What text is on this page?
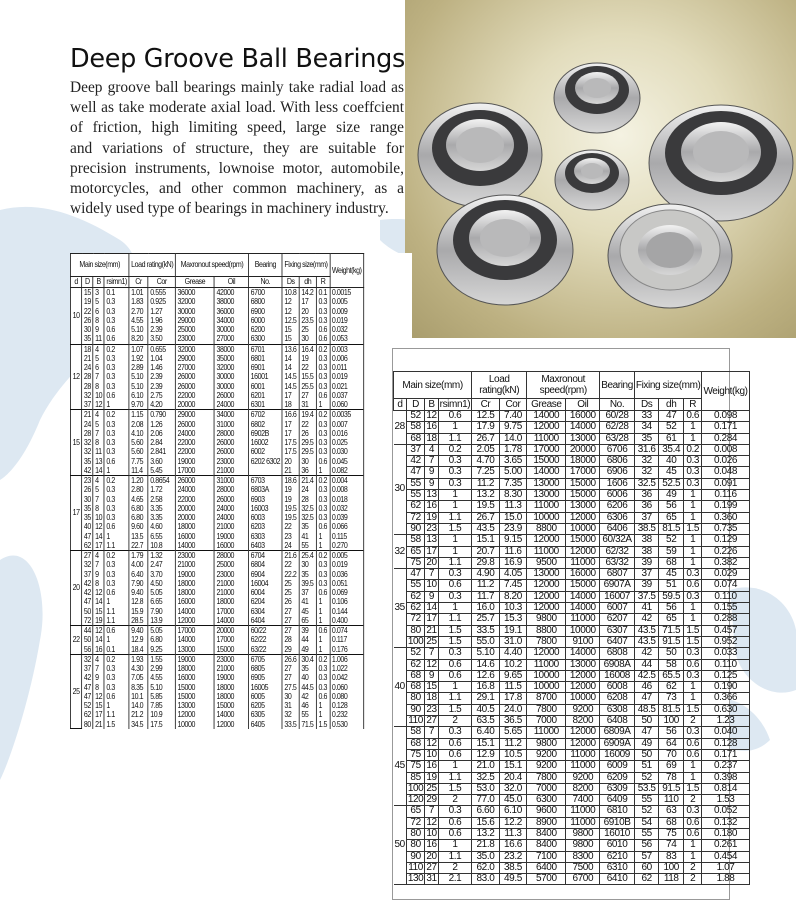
Deep Groove Ball Bearings
Deep groove ball bearings mainly take radial load as
well as take moderate axial load. With less coeffcient
of friction, high limiting speed, large size range
and variations of structure, they are suitable for
precision instruments, lownoise motor, automobile,
motorcycles, and other common machinery, as a
widely used type of bearings in machinery industry.
Main size(mm)				Load rating(kN)		Maxronout speed(rpm)		Bearing	Fixing size(mm)			Weight(kg)
d	D	B	rsimn1)	Cr	Cor	Grease	Oil	No.	Ds	dh	R	
10	15	3	0.1	1.01	0.555	36000	42000	6700	10.8	14.2	0.1	0.0015
	19	5	0.3	1.83	0.925	32000	38000	6800	12	17	0.3	0.005
	22	6	0.3	2.70	1.27	30000	36000	6900	12	20	0.3	0.009
	26	8	0.3	4.55	1.96	29000	34000	6000	12.5	23.5	0.3	0.019
	30	9	0.6	5.10	2.39	25000	30000	6200	15	25	0.6	0.032
	35	11	0.6	8.20	3.50	23000	27000	6300	15	30	0.6	0.053
12	18	4	0.2	1.07	0.655	32000	38000	6701	13.6	16.4	0.2	0.003
	21	5	0.3	1.92	1.04	29000	35000	6801	14	19	0.3	0.006
	24	6	0.3	2.89	1.46	27000	32000	6901	14	22	0.3	0.011
	28	7	0.3	5.10	2.39	26000	30000	16001	14.5	15.5	0.3	0.019
	28	8	0.3	5.10	2.39	26000	30000	6001	14.5	25.5	0.3	0.021
	32	10	0.6	6.10	2.75	22000	26000	6201	17	27	0.6	0.037
	37	12	1	9.70	4.20	20000	24000	6301	18	31	1	0.060
15	21	4	0.2	1.15	0.790	29000	34000	6702	16.6	19.4	0.2	0.0035
	24	5	0.3	2.08	1.26	26000	31000	6802	17	22	0.3	0.007
	28	7	0.3	4.10	2.06	24000	28000	6902B	17	26	0.3	0.016
	32	8	0.3	5.60	2.84	22000	26000	16002	17.5	29.5	0.3	0.025
	32	11	0.3	5.60	2.841	22000	26000	6002	17.5	29.5	0.3	0.030
	35	13	0.6	7.75	3.60	19000	23000	6202 6302	20	30	0.6	0.045
	42	14	1	11.4	5.45	17000	21000		21	36	1	0.082
17	23	4	0.2	1.20	0.8654	26000	31000	6703	18.6	21.4	0.2	0.004
	26	5	0.3	2.80	1.72	24000	28000	6803A	19	24	0.3	0.008
	30	7	0.3	4.65	2.58	22000	26000	6903	19	28	0.3	0.018
	35	8	0.3	6.80	3.35	20000	24000	16003	19.5	32.5	0.3	0.032
	35	10	0.3	6.80	3.35	20000	24000	6003	19.5	32.5	0.3	0.039
	40	12	0.6	9.60	4.60	18000	21000	6203	22	35	0.6	0.066
	47	14	1	13.5	6.55	16000	19000	6303	23	41	1	0.115
	62	17	1.1	22.7	10.8	14000	16000	6403	24	55	1	0.270
20	27	4	0.2	1.79	1.32	23000	28000	6704	21.6	25.4	0.2	0.005
	32	7	0.3	4.00	2.47	21000	25000	6804	22	30	0.3	0.019
	37	9	0.3	6.40	3.70	19000	23000	6904	22.2	35	0.3	0.036
	42	8	0.3	7.90	4.50	18000	21000	16004	25	39.5	0.3	0.051
	42	12	0.6	9.40	5.05	18000	21000	6004	25	37	0.6	0.069
	47	14	1	12.8	6.65	16000	18000	6204	26	41	1	0.106
	50	15	1.1	15.9	7.90	14000	17000	6304	27	45	1	0.144
	72	19	1.1	28.5	13.9	12000	14000	6404	27	65	1	0.400
22	44	12	0.6	9.40	5.05	17000	20000	60/22	27	39	0.6	0.074
	50	14	1	12.9	6.80	14000	17000	62/22	28	44	1	0.117
	56	16	0.1	18.4	9.25	13000	15000	63/22	29	49	1	0.176
25	32	4	0.2	1.93	1.55	19000	23000	6705	26.6	30.4	0.2	1.006
	37	7	0.3	4.30	2.99	18000	21000	6805	27	35	0.3	1.022
	42	9	0.3	7.05	4.55	16000	19000	6905	27	40	0.3	0.042
	47	8	0.3	8.35	5.10	15000	18000	16005	27.5	44.5	0.3	0.060
	47	12	0.6	10.1	5.85	15000	18000	6005	30	42	0.6	0.080
	52	15	1	14.0	7.85	13000	15000	6205	31	46	1	0.128
	62	17	1.1	21.2	10.9	12000	14000	6305	32	55	1	0.232
	80	21	1.5	34.5	17.5	10000	12000	6405	33.5	71.5	1.5	0.530
Main size(mm)				Load rating(kN)		Maxronout speed(rpm)		Bearing	Fixing size(mm)			Weight(kg)
d	D	B	rsimn1)	Cr	Cor	Grease	Oil	No.	Ds	dh	R	
28	52	12	0.6	12.5	7.40	14000	16000	60/28	33	47	0.6	0.098
	58	16	1	17.9	9.75	12000	14000	62/28	34	52	1	0.171
	68	18	1.1	26.7	14.0	11000	13000	63/28	35	61	1	0.284
30	37	4	0.2	2.05	1.78	17000	20000	6706	31.6	35.4	0.2	0.008
	42	7	0.3	4.70	3.65	15000	18000	6806	32	40	0.3	0.026
	47	9	0.3	7.25	5.00	14000	17000	6906	32	45	0.3	0.048
	55	9	0.3	11.2	7.35	13000	15000	1606	32.5	52.5	0.3	0.091
	55	13	1	13.2	8.30	13000	15000	6006	36	49	1	0.116
	62	16	1	19.5	11.3	11000	13000	6206	36	56	1	0.199
	72	19	1.1	26.7	15.0	10000	12000	6306	37	65	1	0.360
	90	23	1.5	43.5	23.9	8800	10000	6406	38.5	81.5	1.5	0.735
32	58	13	1	15.1	9.15	12000	15000	60/32A	38	52	1	0.129
	65	17	1	20.7	11.6	11000	12000	62/32	38	59	1	0.226
	75	20	1.1	29.8	16.9	9500	11000	63/32	39	68	1	0.382
35	47	7	0.3	4.90	4.05	13000	16000	6807	37	45	0.3	0.029
	55	10	0.6	11.2	7.45	12000	15000	6907A	39	51	0.6	0.074
	62	9	0.3	11.7	8.20	12000	14000	16007	37.5	59.5	0.3	0.110
	62	14	1	16.0	10.3	12000	14000	6007	41	56	1	0.155
	72	17	1.1	25.7	15.3	9800	11000	6207	42	65	1	0.288
	80	21	1.5	33.5	19.1	8800	10000	6307	43.5	71.5	1.5	0.457
	100	25	1.5	55.0	31.0	7800	9100	6407	43.5	91.5	1.5	0.952
40	52	7	0.3	5.10	4.40	12000	14000	6808	42	50	0.3	0.033
	62	12	0.6	14.6	10.2	11000	13000	6908A	44	58	0.6	0.110
	68	9	0.6	12.6	9.65	10000	12000	16008	42.5	65.5	0.3	0.125
	68	15	1	16.8	11.5	10000	12000	6008	46	62	1	0.190
	80	18	1.1	29.1	17.8	8700	10000	6208	47	73	1	0.366
	90	23	1.5	40.5	24.0	7800	9200	6308	48.5	81.5	1.5	0.630
	110	27	2	63.5	36.5	7000	8200	6408	50	100	2	1.23
45	58	7	0.3	6.40	5.65	11000	12000	6809A	47	56	0.3	0.040
	68	12	0.6	15.1	11.2	9800	12000	6909A	49	64	0.6	0.128
	75	10	0.6	12.9	10.5	9200	11000	16009	50	70	0.6	0.171
	75	16	1	21.0	15.1	9200	11000	6009	51	69	1	0.237
	85	19	1.1	32.5	20.4	7800	9200	6209	52	78	1	0.398
	100	25	1.5	53.0	32.0	7000	8200	6309	53.5	91.5	1.5	0.814
	120	29	2	77.0	45.0	6300	7400	6409	55	110	2	1.53
50	65	7	0.3	6.60	6.10	9600	11000	6810	52	63	0.3	0.052
	72	12	0.6	15.6	12.2	8900	11000	6910B	54	68	0.6	0.132
	80	10	0.6	13.2	11.3	8400	9800	16010	55	75	0.6	0.180
	80	16	1	21.8	16.6	8400	9800	6010	56	74	1	0.261
	90	20	1.1	35.0	23.2	7100	8300	6210	57	83	1	0.454
	110	27	2	62.0	38.5	6400	7500	6310	60	100	2	1.07
	130	31	2.1	83.0	49.5	5700	6700	6410	62	118	2	1.88
